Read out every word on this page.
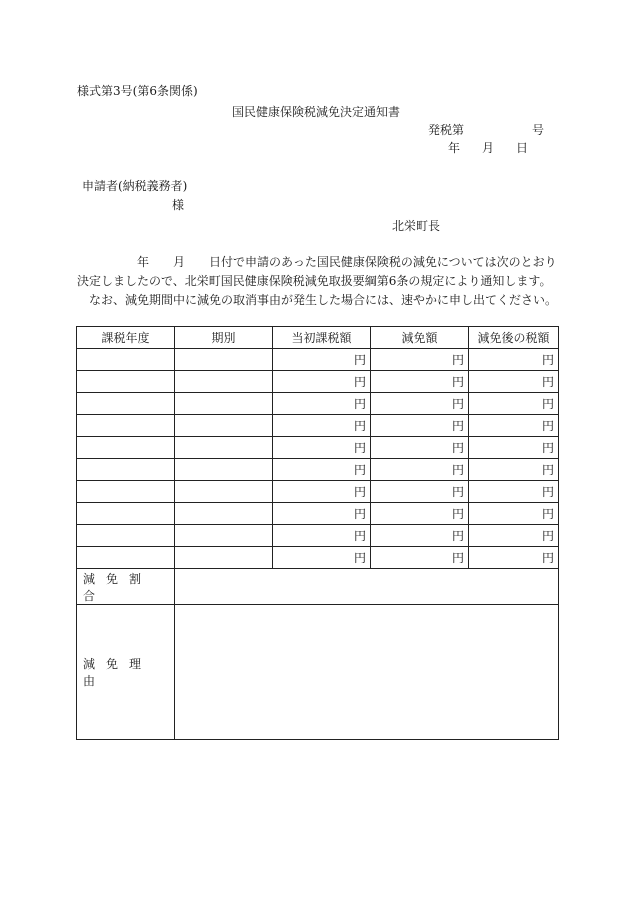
様式第3号(第6条関係)
国民健康保険税減免決定通知書
発税第	号
年 月 日
申請者(納税義務者)
様
北栄町長

年 月 日付で申請のあった国民健康保険税の減免については次のとおり

決定しましたので、北栄町国民健康保険税減免取扱要綱第6条の規定により通知します。

なお、減免期間中に減免の取消事由が発生した場合には、速やかに申し出てください。

課税年度	期別	当初課税額	減免額	減免後の税額
		円	円	円
		円	円	円
		円	円	円
		円	円	円
		円	円	円
		円	円	円
		円	円	円
		円	円	円
		円	円	円
		円	円	円
減免割合				
減免理由				
